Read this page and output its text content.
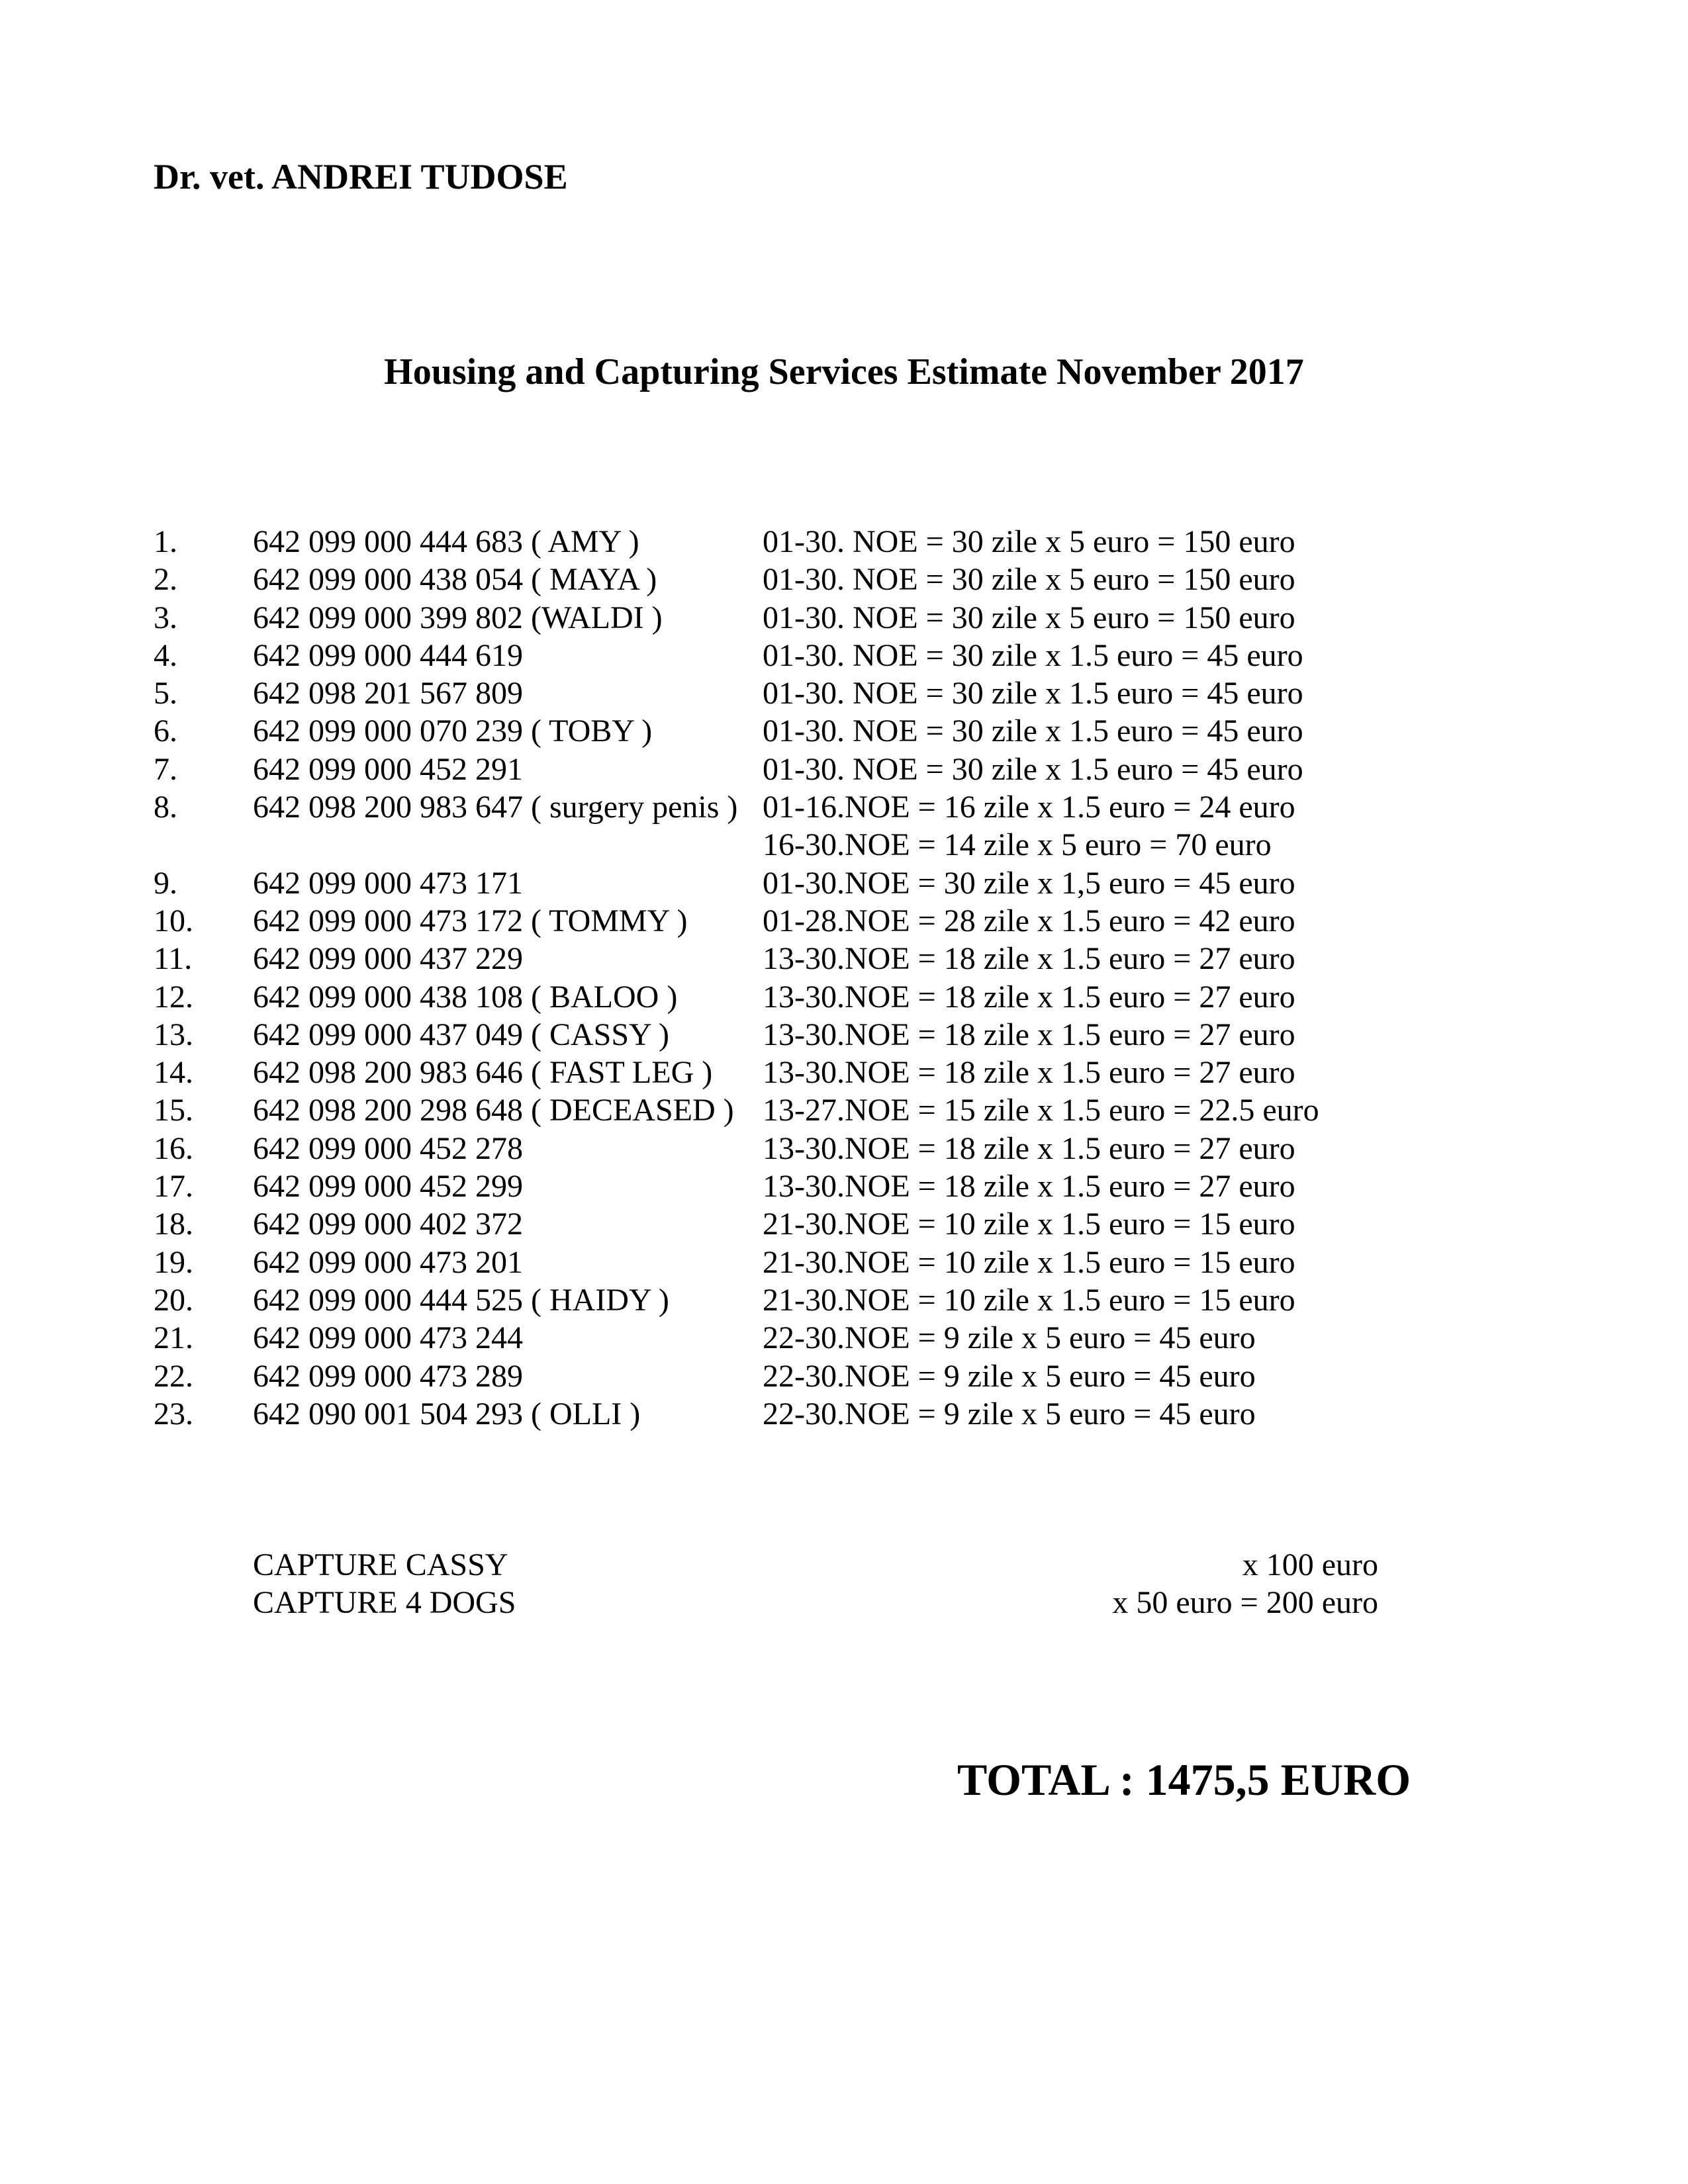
Dr. vet. ANDREI TUDOSE
Housing and Capturing Services Estimate November 2017
1. 642 099 000 444 683 ( AMY )	01-30. NOE = 30 zile x 5 euro = 150 euro
2. 642 099 000 438 054 ( MAYA )	01-30. NOE = 30 zile x 5 euro = 150 euro
3. 642 099 000 399 802 (WALDI )	01-30. NOE = 30 zile x 5 euro = 150 euro
4. 642 099 000 444 619	01-30. NOE = 30 zile x 1.5 euro = 45 euro
5. 642 098 201 567 809	01-30. NOE = 30 zile x 1.5 euro = 45 euro
6. 642 099 000 070 239 ( TOBY )	01-30. NOE = 30 zile x 1.5 euro = 45 euro
7. 642 099 000 452 291	01-30. NOE = 30 zile x 1.5 euro = 45 euro
8. 642 098 200 983 647 ( surgery penis ) 01-16.NOE = 16 zile x 1.5 euro = 24 euro
16-30.NOE = 14 zile x 5 euro = 70 euro
9. 642 099 000 473 171	01-30.NOE = 30 zile x 1,5 euro = 45 euro
10. 642 099 000 473 172 ( TOMMY ) 01-28.NOE = 28 zile x 1.5 euro = 42 euro
11. 642 099 000 437 229	13-30.NOE = 18 zile x 1.5 euro = 27 euro
12. 642 099 000 438 108 ( BALOO )	13-30.NOE = 18 zile x 1.5 euro = 27 euro
13. 642 099 000 437 049 ( CASSY )	13-30.NOE = 18 zile x 1.5 euro = 27 euro
14. 642 098 200 983 646 ( FAST LEG ) 13-30.NOE = 18 zile x 1.5 euro = 27 euro
15. 642 098 200 298 648 ( DECEASED ) 13-27.NOE = 15 zile x 1.5 euro = 22.5 euro
16. 642 099 000 452 278	13-30.NOE = 18 zile x 1.5 euro = 27 euro
17. 642 099 000 452 299	13-30.NOE = 18 zile x 1.5 euro = 27 euro
18. 642 099 000 402 372	21-30.NOE = 10 zile x 1.5 euro = 15 euro
19. 642 099 000 473 201	21-30.NOE = 10 zile x 1.5 euro = 15 euro
20. 642 099 000 444 525 ( HAIDY )	21-30.NOE = 10 zile x 1.5 euro = 15 euro
21. 642 099 000 473 244	22-30.NOE = 9 zile x 5 euro = 45 euro
22. 642 099 000 473 289	22-30.NOE = 9 zile x 5 euro = 45 euro
23. 642 090 001 504 293 ( OLLI )	22-30.NOE = 9 zile x 5 euro = 45 euro
CAPTURE CASSY	x 100 euro
CAPTURE 4 DOGS	x 50 euro = 200 euro
TOTAL : 1475,5 EURO
